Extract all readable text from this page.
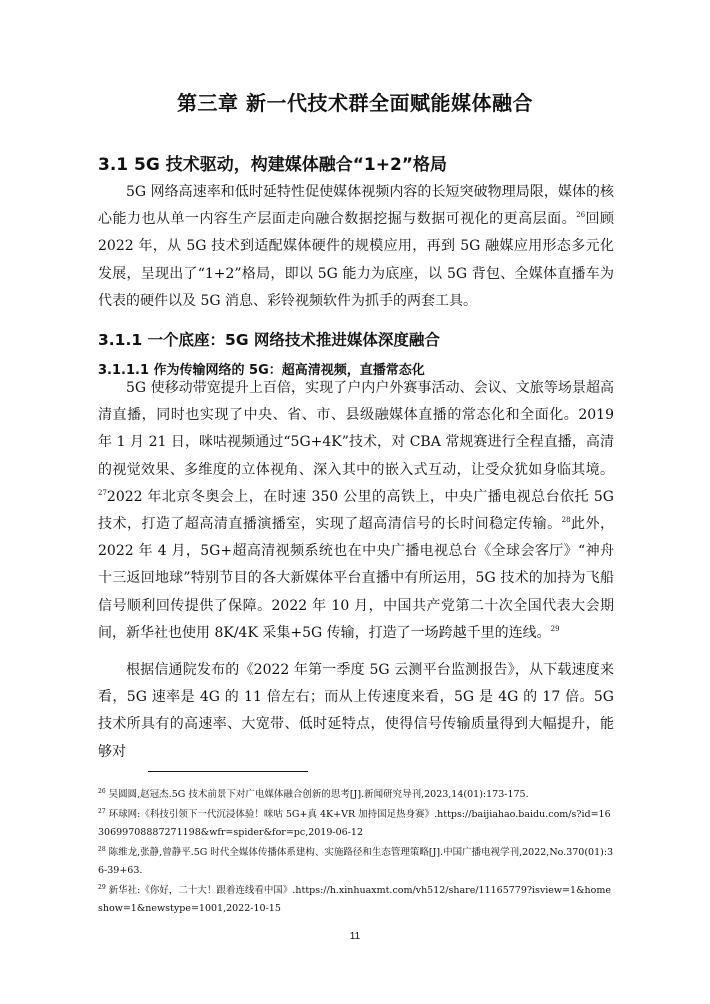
第三章 新一代技术群全面赋能媒体融合
3.1 5G 技术驱动，构建媒体融合“1+2”格局
5G 网络高速率和低时延特性促使媒体视频内容的长短突破物理局限，媒体的核心能力也从单一内容生产层面走向融合数据挖掘与数据可视化的更高层面。$^{26}$回顾 2022 年，从 5G 技术到适配媒体硬件的规模应用，再到 5G 融媒应用形态多元化发展，呈现出了“1+2”格局，即以 5G 能力为底座，以 5G 背包、全媒体直播车为代表的硬件以及 5G 消息、彩铃视频软件为抓手的两套工具。
3.1.1 一个底座：5G 网络技术推进媒体深度融合
3.1.1.1 作为传输网络的 5G：超高清视频，直播常态化
5G 使移动带宽提升上百倍，实现了户内户外赛事活动、会议、文旅等场景超高清直播，同时也实现了中央、省、市、县级融媒体直播的常态化和全面化。2019 年 1 月 21 日，咪咕视频通过“5G+4K”技术，对 CBA 常规赛进行全程直播，高清的视觉效果、多维度的立体视角、深入其中的嵌入式互动，让受众犹如身临其境。$^{27}$2022 年北京冬奥会上，在时速 350 公里的高铁上，中央广播电视总台依托 5G 技术，打造了超高清直播演播室，实现了超高清信号的长时间稳定传输。$^{28}$此外，2022 年 4 月，5G+超高清视频系统也在中央广播电视总台《全球会客厅》“神舟十三返回地球”特别节目的各大新媒体平台直播中有所运用，5G 技术的加持为飞船信号顺利回传提供了保障。2022 年 10 月，中国共产党第二十次全国代表大会期间，新华社也使用 8K/4K 采集+5G 传输，打造了一场跨越千里的连线。$^{29}$
根据信通院发布的《2022 年第一季度 5G 云测平台监测报告》，从下载速度来看，5G 速率是 4G 的 11 倍左右；而从上传速度来看，5G 是 4G 的 17 倍。5G 技术所具有的高速率、大宽带、低时延特点，使得信号传输质量得到大幅提升，能够对
$^{26}$ 吴圆圆,赵冠杰.5G 技术前景下对广电媒体融合创新的思考[J].新闻研究导刊,2023,14(01):173-175.
$^{27}$ 环球网:《科技引领下一代沉浸体验！咪咕 5G+真 4K+VR 加持国足热身赛》.https://baijiahao.baidu.com/s?id=1630699708887271198&wfr=spider&for=pc,2019-06-12
$^{28}$ 陈维龙,张静,曾静平.5G 时代全媒体传播体系建构、实施路径和生态管理策略[J].中国广播电视学刊,2022,No.370(01):36-39+63.
$^{29}$ 新华社:《你好，二十大！跟着连线看中国》.https://h.xinhuaxmt.com/vh512/share/11165779?isview=1&homeshow=1&newstype=1001,2022-10-15
11
